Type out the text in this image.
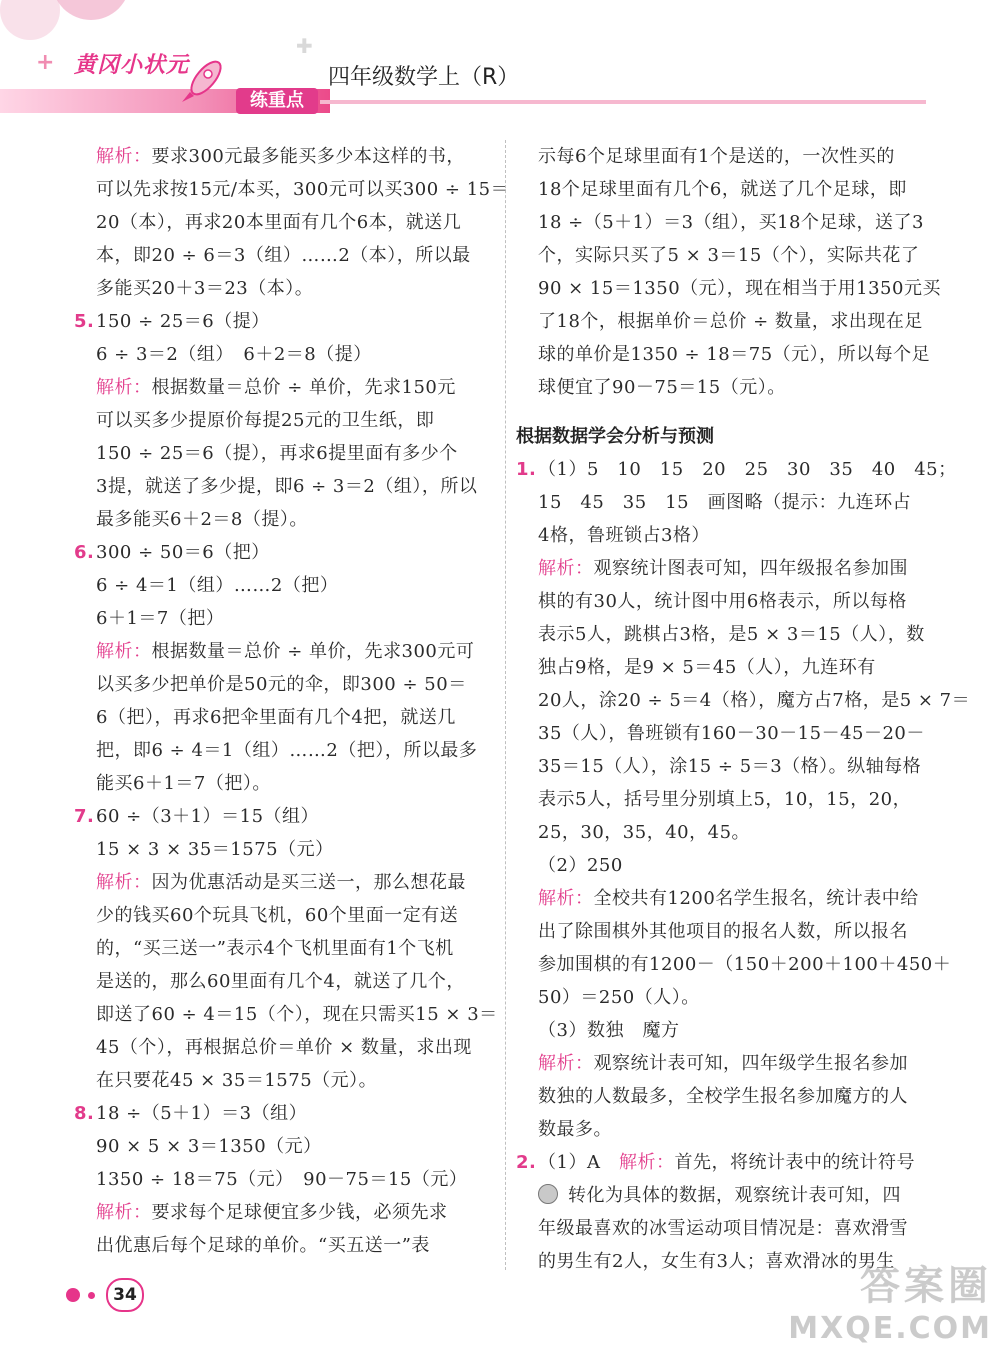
+
✚
黄冈小状元
练重点
四年级数学上（R）
解析：要求300元最多能买多少本这样的书，
可以先求按15元/本买，300元可以买300 ÷ 15＝
20（本），再求20本里面有几个6本，就送几
本，即20 ÷ 6＝3（组）……2（本），所以最
多能买20＋3＝23（本）。
5.150 ÷ 25＝6（提）
6 ÷ 3＝2（组）　6＋2＝8（提）
解析：根据数量＝总价 ÷ 单价，先求150元
可以买多少提原价每提25元的卫生纸，即
150 ÷ 25＝6（提），再求6提里面有多少个
3提，就送了多少提，即6 ÷ 3＝2（组），所以
最多能买6＋2＝8（提）。
6.300 ÷ 50＝6（把）
6 ÷ 4＝1（组）……2（把）
6＋1＝7（把）
解析：根据数量＝总价 ÷ 单价，先求300元可
以买多少把单价是50元的伞，即300 ÷ 50＝
6（把），再求6把伞里面有几个4把，就送几
把，即6 ÷ 4＝1（组）……2（把），所以最多
能买6＋1＝7（把）。
7.60 ÷（3＋1）＝15（组）
15 × 3 × 35＝1575（元）
解析：因为优惠活动是买三送一，那么想花最
少的钱买60个玩具飞机，60个里面一定有送
的，“买三送一”表示4个飞机里面有1个飞机
是送的，那么60里面有几个4，就送了几个，
即送了60 ÷ 4＝15（个），现在只需买15 × 3＝
45（个），再根据总价＝单价 × 数量，求出现
在只要花45 × 35＝1575（元）。
8.18 ÷（5＋1）＝3（组）
90 × 5 × 3＝1350（元）
1350 ÷ 18＝75（元）　90－75＝15（元）
解析：要求每个足球便宜多少钱，必须先求
出优惠后每个足球的单价。“买五送一”表
示每6个足球里面有1个是送的，一次性买的
18个足球里面有几个6，就送了几个足球，即
18 ÷（5＋1）＝3（组），买18个足球，送了3
个，实际只买了5 × 3＝15（个），实际共花了
90 × 15＝1350（元），现在相当于用1350元买
了18个，根据单价＝总价 ÷ 数量，求出现在足
球的单价是1350 ÷ 18＝75（元），所以每个足
球便宜了90－75＝15（元）。
根据数据学会分析与预测
1.（1）5　10　15　20　25　30　35　40　45；
15　45　35　15　画图略（提示：九连环占
4格，鲁班锁占3格）
解析：观察统计图表可知，四年级报名参加围
棋的有30人，统计图中用6格表示，所以每格
表示5人，跳棋占3格，是5 × 3＝15（人），数
独占9格，是9 × 5＝45（人），九连环有
20人，涂20 ÷ 5＝4（格），魔方占7格，是5 × 7＝
35（人），鲁班锁有160－30－15－45－20－
35＝15（人），涂15 ÷ 5＝3（格）。纵轴每格
表示5人，括号里分别填上5，10，15，20，
25，30，35，40，45。
（2）250
解析：全校共有1200名学生报名，统计表中给
出了除围棋外其他项目的报名人数，所以报名
参加围棋的有1200－（150＋200＋100＋450＋
50）＝250（人）。
（3）数独　魔方
解析：观察统计表可知，四年级学生报名参加
数独的人数最多，全校学生报名参加魔方的人
数最多。
2.（1）A　解析：首先，将统计表中的统计符号
转化为具体的数据，观察统计表可知，四
年级最喜欢的冰雪运动项目情况是：喜欢滑雪
的男生有2人，女生有3人；喜欢滑冰的男生
34	答案圈
MXQE.COM
